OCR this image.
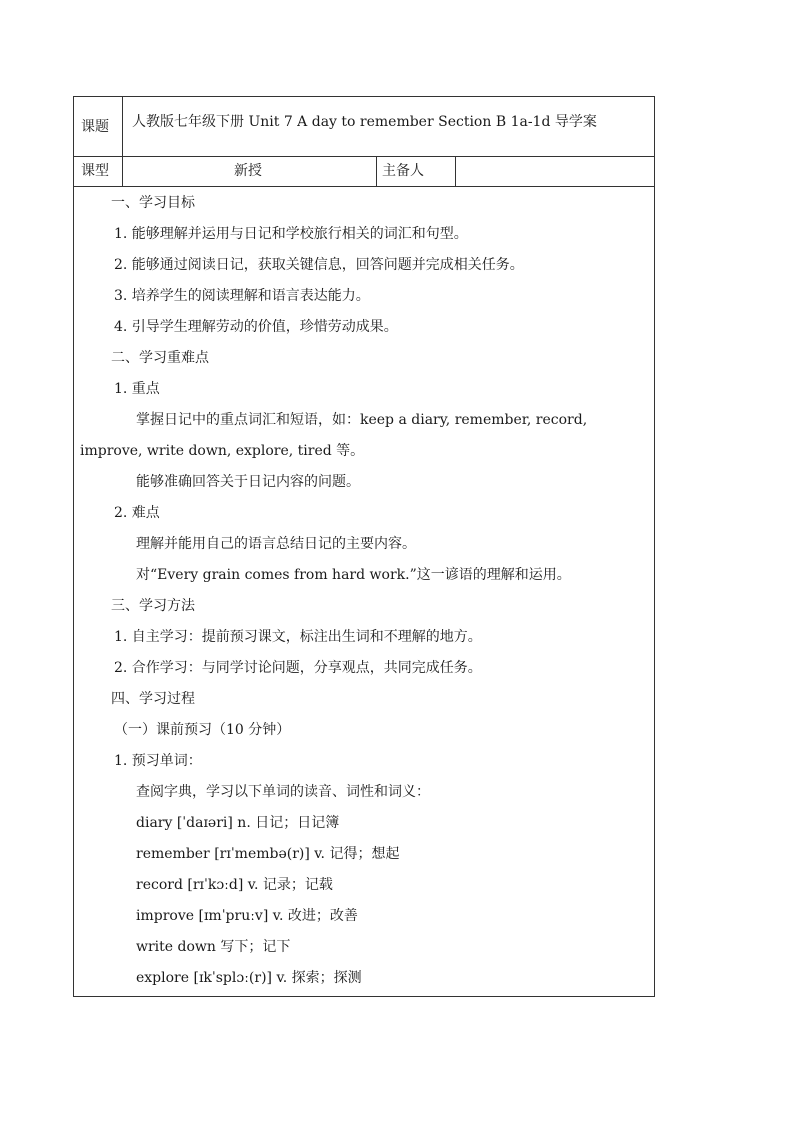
课题 人教版七年级下册 Unit 7 A day to remember Section B 1a-1d 导学案
课型	新授	主备人
一、学习目标
1. 能够理解并运用与日记和学校旅行相关的词汇和句型。
2. 能够通过阅读日记，获取关键信息，回答问题并完成相关任务。
3. 培养学生的阅读理解和语言表达能力。
4. 引导学生理解劳动的价值，珍惜劳动成果。
二、学习重难点
1. 重点
掌握日记中的重点词汇和短语，如：keep a diary, remember, record,
improve, write down, explore, tired 等。
能够准确回答关于日记内容的问题。
2. 难点
理解并能用自己的语言总结日记的主要内容。
对“Every grain comes from hard work.”这一谚语的理解和运用。
三、学习方法
1. 自主学习：提前预习课文，标注出生词和不理解的地方。
2. 合作学习：与同学讨论问题，分享观点，共同完成任务。
四、学习过程
（一）课前预习（10 分钟）
1. 预习单词：
查阅字典，学习以下单词的读音、词性和词义：
diary [ˈdaɪəri] n. 日记；日记簿
remember [rɪˈmembə(r)] v. 记得；想起
record [rɪˈkɔːd] v. 记录；记载
improve [ɪmˈpruːv] v. 改进；改善
write down 写下；记下
explore [ɪkˈsplɔː(r)] v. 探索；探测
